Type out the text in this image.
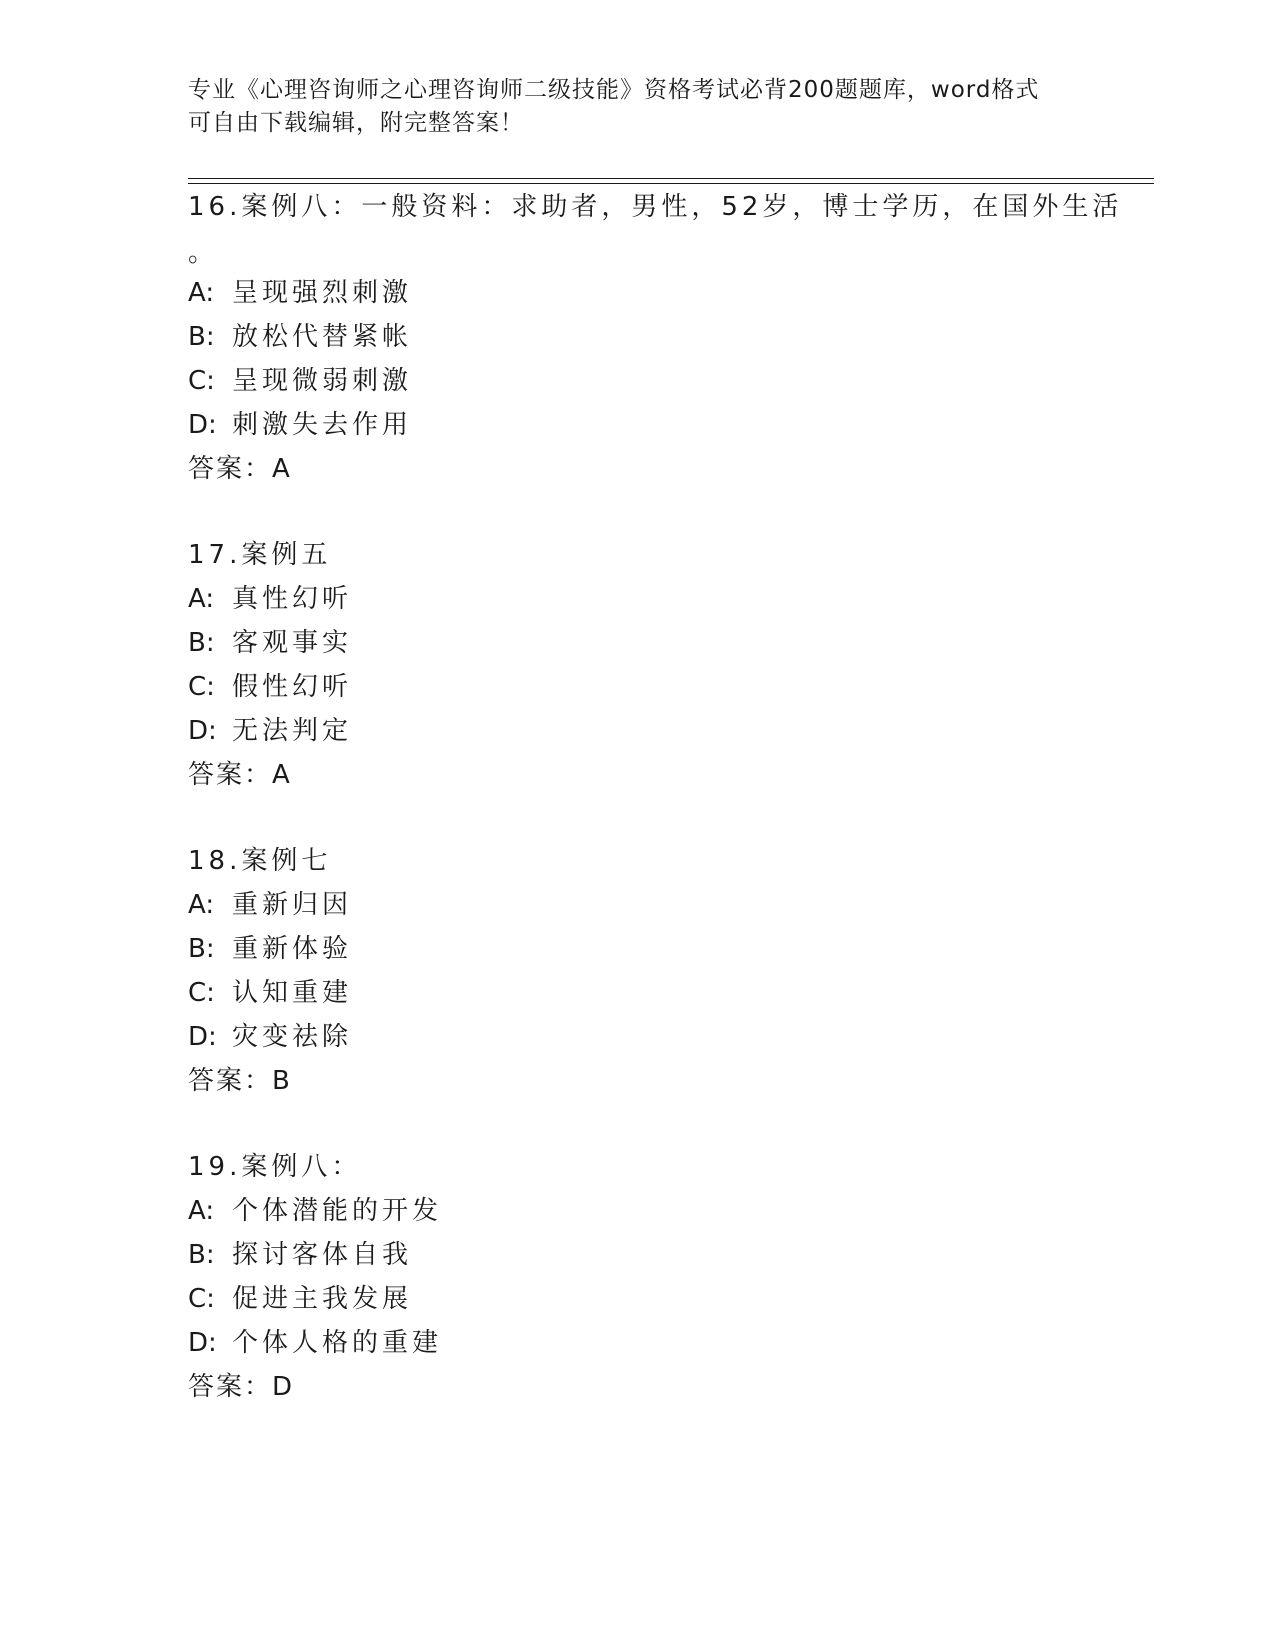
专业《心理咨询师之心理咨询师二级技能》资格考试必背200题题库，word格式
可自由下载编辑，附完整答案！
16.案例八：一般资料：求助者，男性，52岁，博士学历，在国外生活
。
A: 呈现强烈刺激
B: 放松代替紧帐
C: 呈现微弱刺激
D: 刺激失去作用
答案：A
17.案例五
A: 真性幻听
B: 客观事实
C: 假性幻听
D: 无法判定
答案：A
18.案例七
A: 重新归因
B: 重新体验
C: 认知重建
D: 灾变祛除
答案：B
19.案例八：
A: 个体潜能的开发
B: 探讨客体自我
C: 促进主我发展
D: 个体人格的重建
答案：D
